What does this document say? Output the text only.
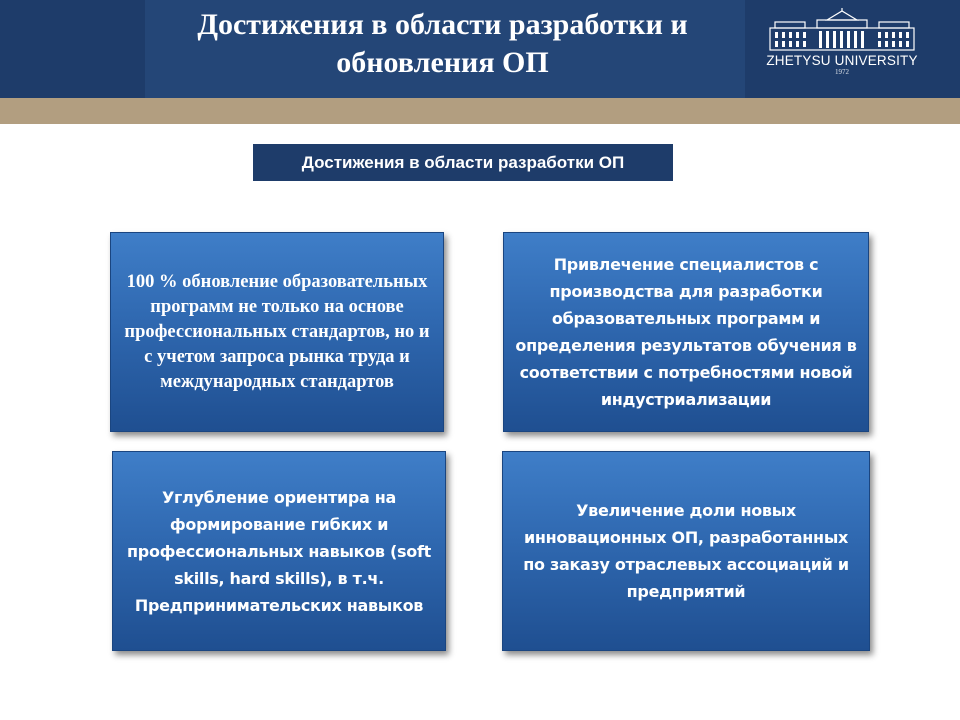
Достижения в области разработки и
обновления ОП	ZHETYSU UNIVERSITY
1972
Достижения в области разработки ОП
100 % обновление образовательных программ не только на основе профессиональных стандартов, но и с учетом запроса рынка труда и международных стандартов
Привлечение специалистов с производства для разработки образовательных программ и определения результатов обучения в соответствии с потребностями новой индустриализации
Углубление ориентира на формирование гибких и профессиональных навыков (soft skills, hard skills), в т.ч. Предпринимательских навыков
Увеличение доли новых инновационных ОП, разработанных по заказу отраслевых ассоциаций и предприятий
